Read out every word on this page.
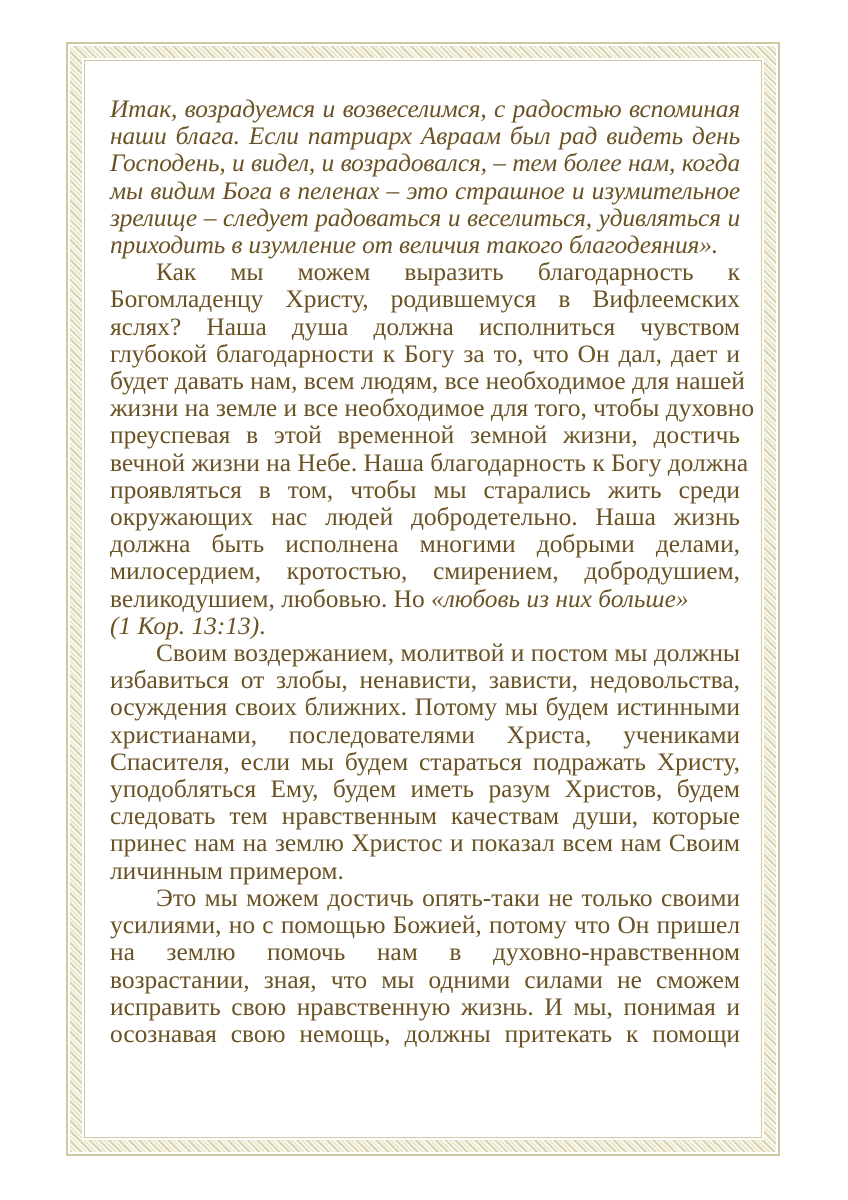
Итак, возрадуемся и возвеселимся, с радостью вспоминая
наши блага. Если патриарх Авраам был рад видеть день
Господень, и видел, и возрадовался, – тем более нам, когда
мы видим Бога в пеленах – это страшное и изумительное
зрелище – следует радоваться и веселиться, удивляться и
приходить в изумление от величия такого благодеяния».

Как мы можем выразить благодарность к
Богомладенцу Христу, родившемуся в Вифлеемских
яслях? Наша душа должна исполниться чувством
глубокой благодарности к Богу за то, что Он дал, дает и
будет давать нам, всем людям, все необходимое для нашей
жизни на земле и все необходимое для того, чтобы духовно
преуспевая в этой временной земной жизни, достичь
вечной жизни на Небе. Наша благодарность к Богу должна
проявляться в том, чтобы мы старались жить среди
окружающих нас людей добродетельно. Наша жизнь
должна быть исполнена многими добрыми делами,
милосердием, кротостью, смирением, добродушием,
великодушием, любовью. Но «любовь из них больше»
(1 Кор. 13:13).

Своим воздержанием, молитвой и постом мы должны
избавиться от злобы, ненависти, зависти, недовольства,
осуждения своих ближних. Потому мы будем истинными
христианами, последователями Христа, учениками
Спасителя, если мы будем стараться подражать Христу,
уподобляться Ему, будем иметь разум Христов, будем
следовать тем нравственным качествам души, которые
принес нам на землю Христос и показал всем нам Своим
личинным примером.

Это мы можем достичь опять-таки не только своими
усилиями, но с помощью Божией, потому что Он пришел
на землю помочь нам в духовно-нравственном
возрастании, зная, что мы одними силами не сможем
исправить свою нравственную жизнь. И мы, понимая и
осознавая свою немощь, должны притекать к помощи
